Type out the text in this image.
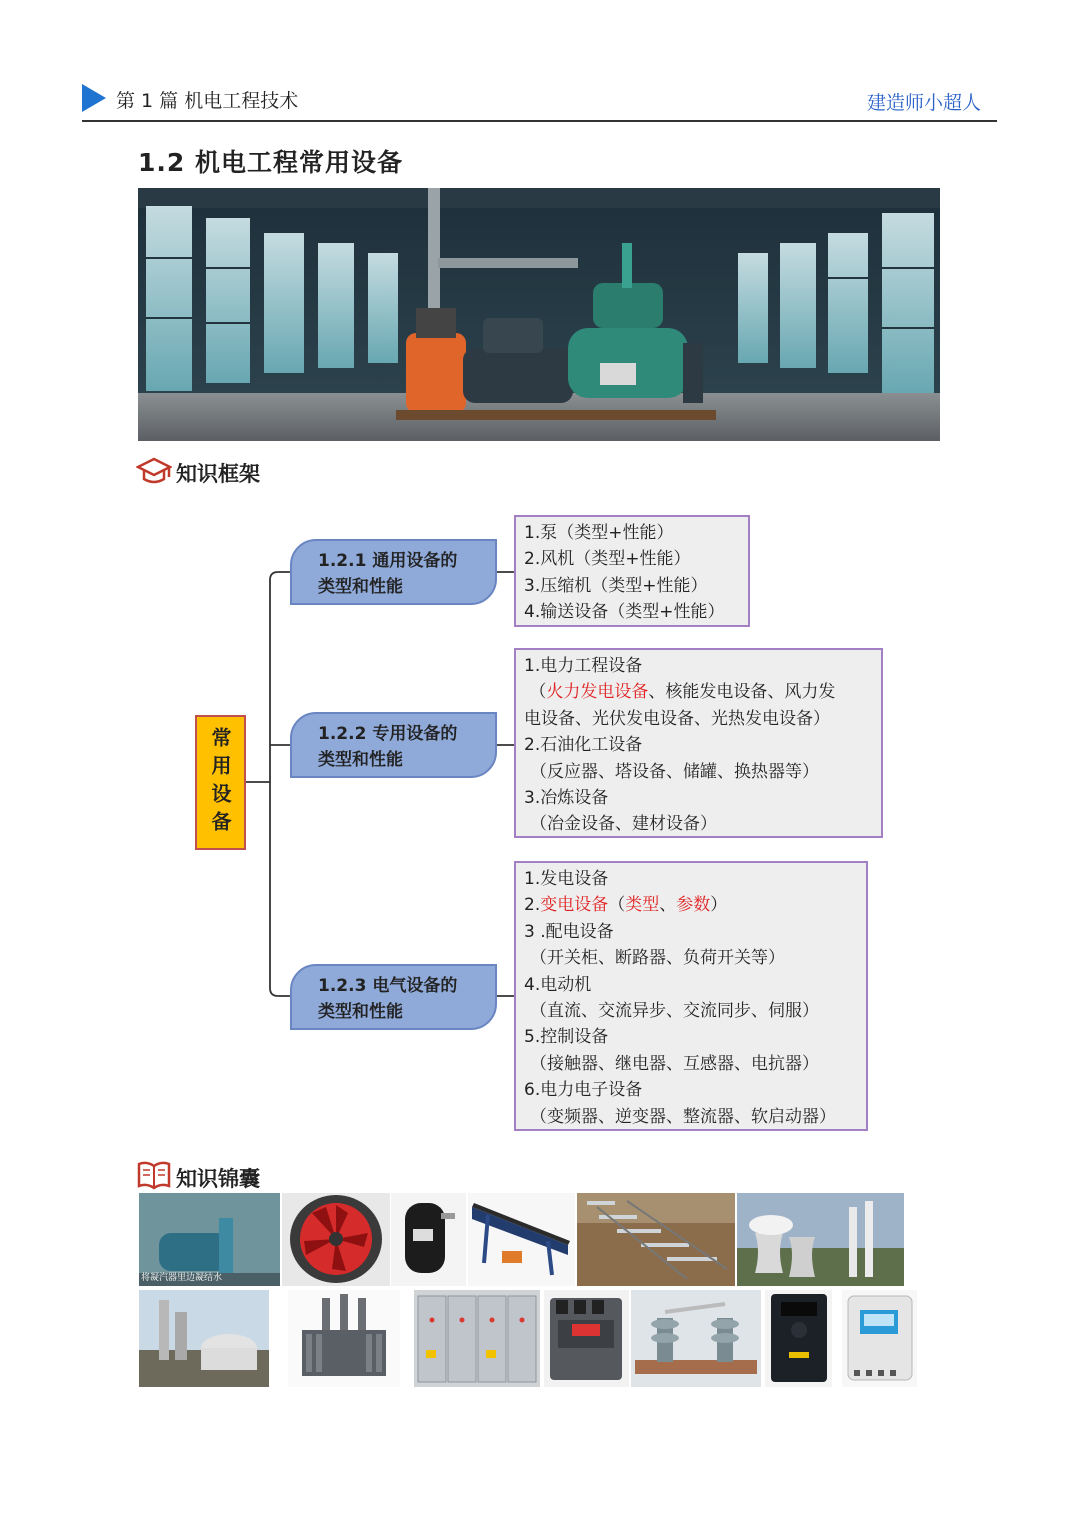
第 1 篇 机电工程技术	建造师小超人
1.2 机电工程常用设备
知识框架
常用设备
1.2.1 通用设备的
类型和性能
1.泵（类型+性能）
2.风机（类型+性能）
3.压缩机（类型+性能）
4.输送设备（类型+性能）
1.2.2 专用设备的
类型和性能
1.电力工程设备
（火力发电设备、核能发电设备、风力发
电设备、光伏发电设备、光热发电设备）
2.石油化工设备
（反应器、塔设备、储罐、换热器等）
3.冶炼设备
（冶金设备、建材设备）
1.2.3 电气设备的
类型和性能
1.发电设备
2.变电设备（类型、参数）
3 .配电设备
（开关柜、断路器、负荷开关等）
4.电动机
（直流、交流异步、交流同步、伺服）
5.控制设备
（接触器、继电器、互感器、电抗器）
6.电力电子设备
（变频器、逆变器、整流器、软启动器）
知识锦囊
将凝汽器里边凝结水
